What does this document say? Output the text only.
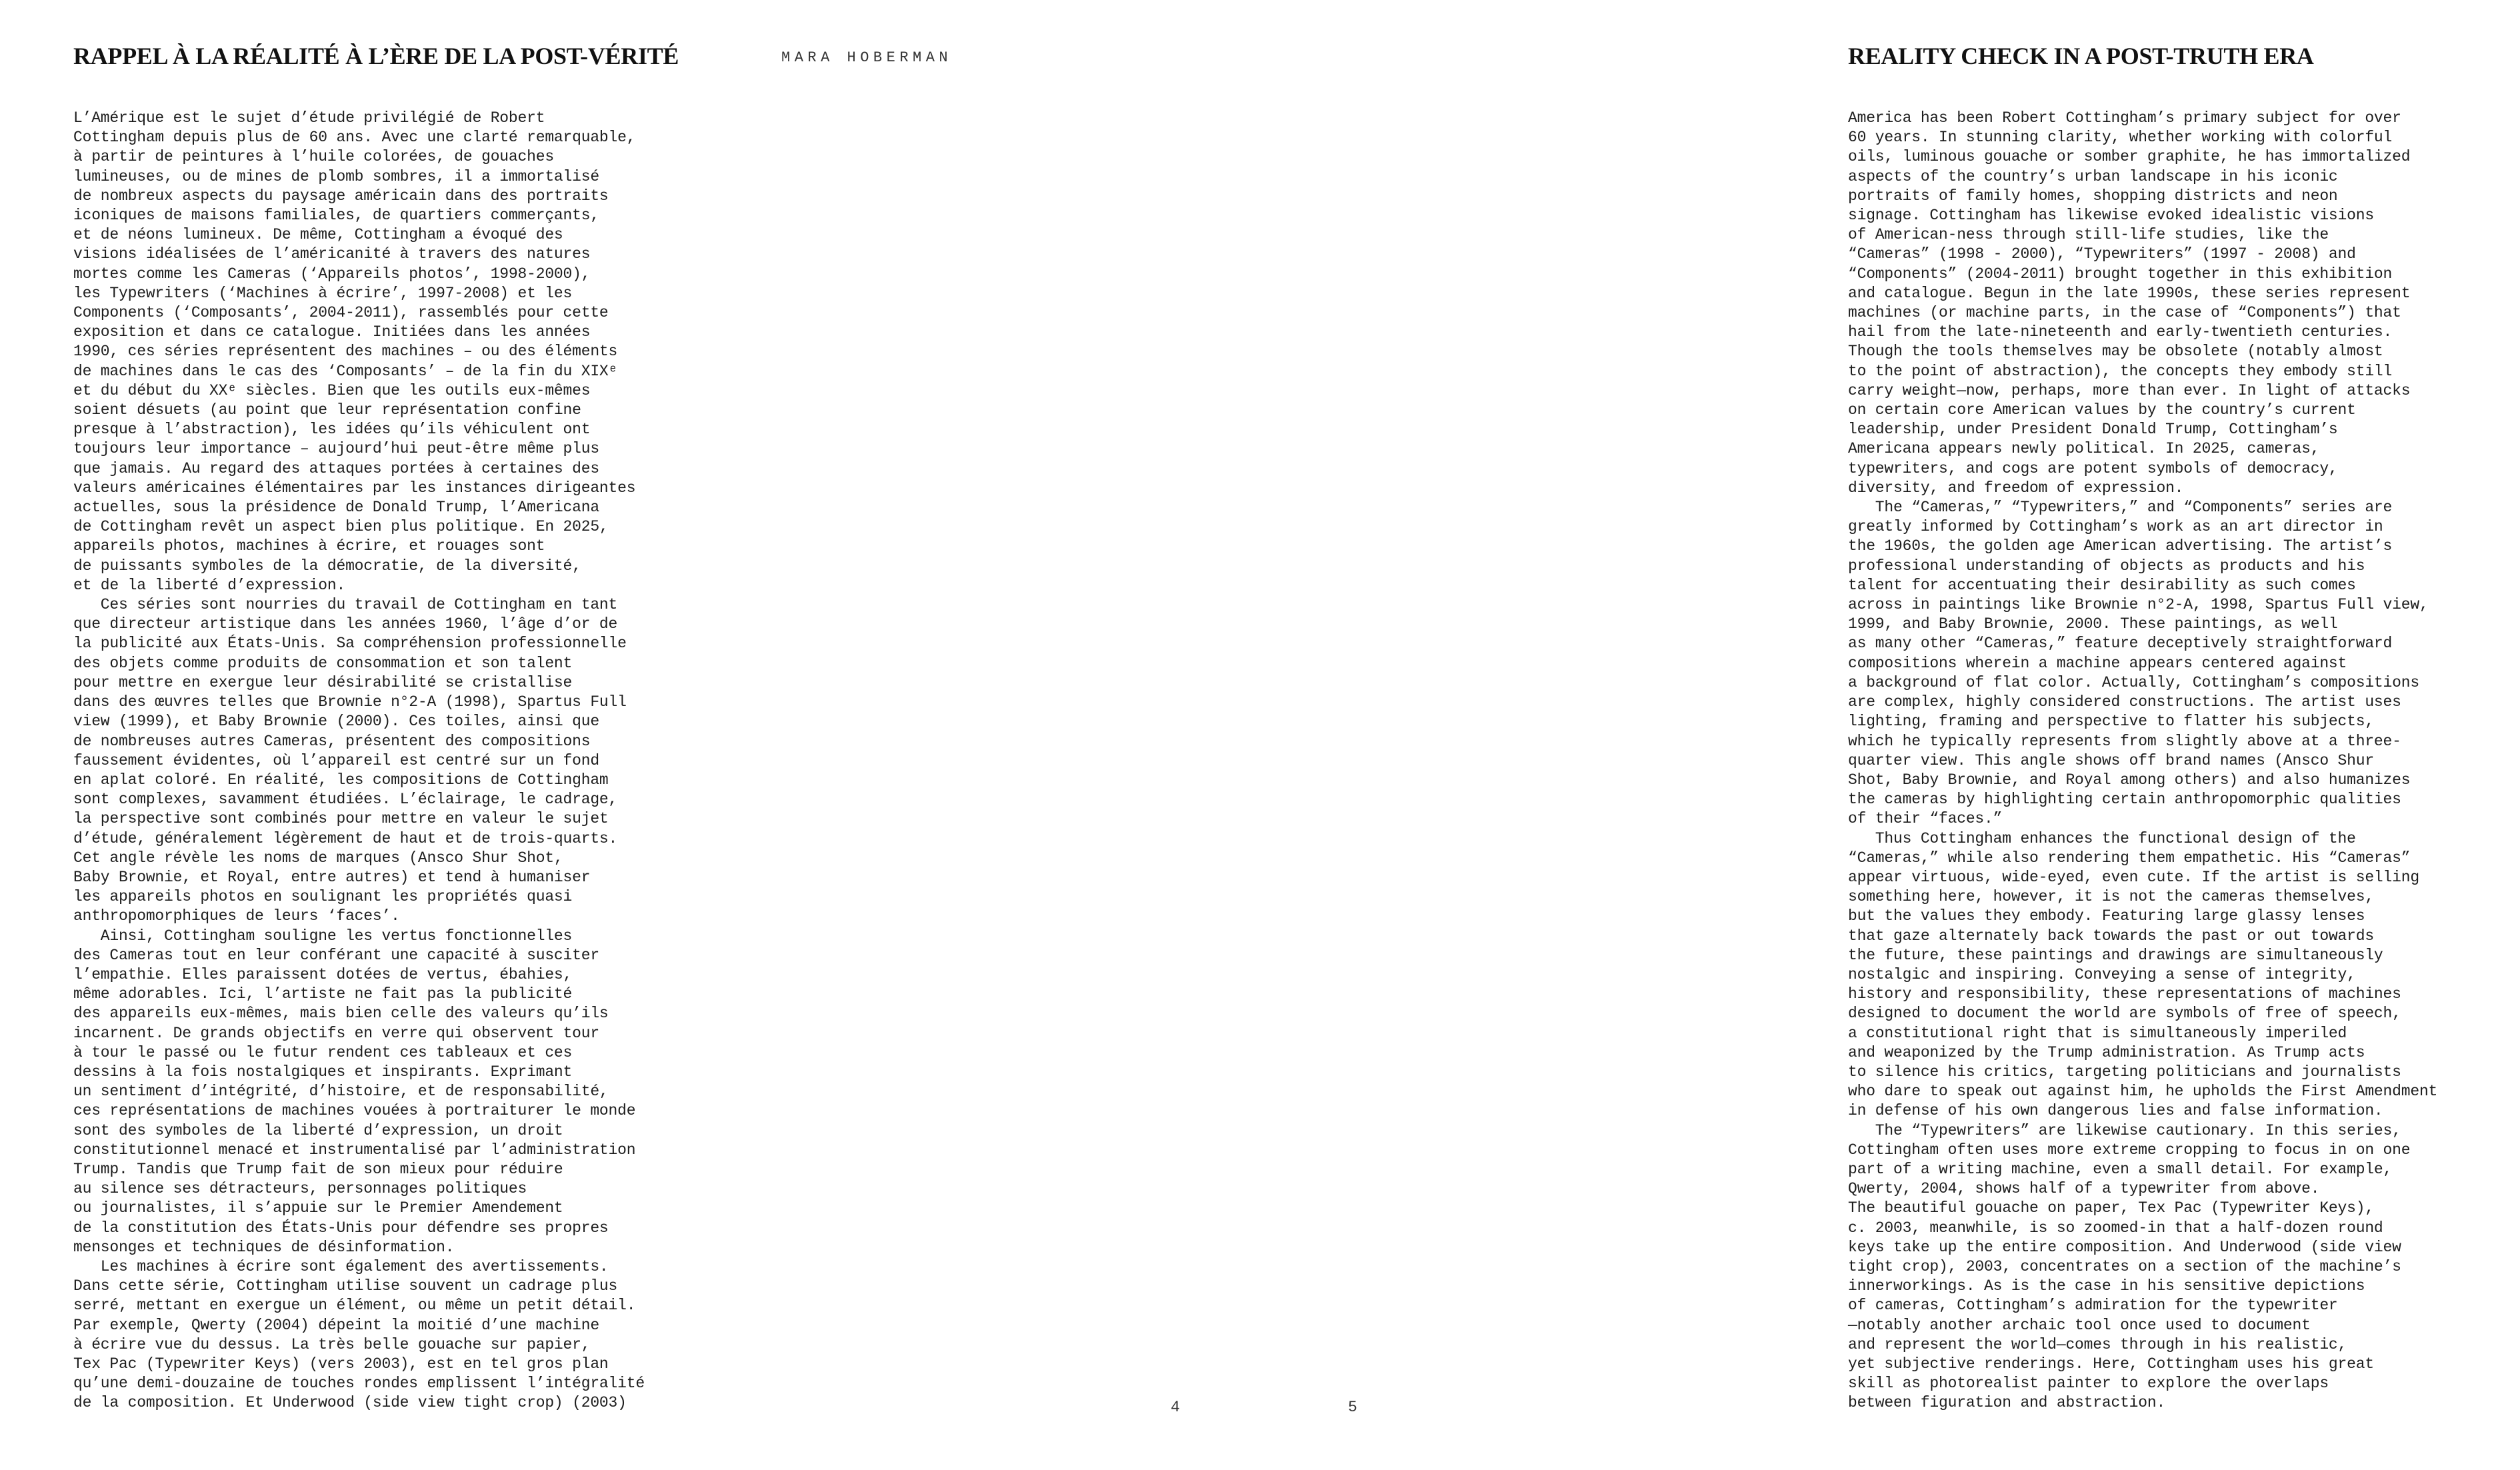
RAPPEL À LA RÉALITÉ À L’ÈRE DE LA POST-VÉRITÉ	MARA HOBERMAN
L’Amérique est le sujet d’étude privilégié de Robert
Cottingham depuis plus de 60 ans. Avec une clarté remarquable,
à partir de peintures à l’huile colorées, de gouaches
lumineuses, ou de mines de plomb sombres, il a immortalisé
de nombreux aspects du paysage américain dans des portraits
iconiques de maisons familiales, de quartiers commerçants,
et de néons lumineux. De même, Cottingham a évoqué des
visions idéalisées de l’américanité à travers des natures
mortes comme les Cameras (‘Appareils photos’, 1998-2000),
les Typewriters (‘Machines à écrire’, 1997-2008) et les
Components (‘Composants’, 2004-2011), rassemblés pour cette
exposition et dans ce catalogue. Initiées dans les années
1990, ces séries représentent des machines – ou des éléments
de machines dans le cas des ‘Composants’ – de la fin du XIXᵉ
et du début du XXᵉ siècles. Bien que les outils eux-mêmes
soient désuets (au point que leur représentation confine
presque à l’abstraction), les idées qu’ils véhiculent ont
toujours leur importance – aujourd’hui peut-être même plus
que jamais. Au regard des attaques portées à certaines des
valeurs américaines élémentaires par les instances dirigeantes
actuelles, sous la présidence de Donald Trump, l’Americana
de Cottingham revêt un aspect bien plus politique. En 2025,
appareils photos, machines à écrire, et rouages sont
de puissants symboles de la démocratie, de la diversité,
et de la liberté d’expression.
Ces séries sont nourries du travail de Cottingham en tant
que directeur artistique dans les années 1960, l’âge d’or de
la publicité aux États-Unis. Sa compréhension professionnelle
des objets comme produits de consommation et son talent
pour mettre en exergue leur désirabilité se cristallise
dans des œuvres telles que Brownie n°2-A (1998), Spartus Full
view (1999), et Baby Brownie (2000). Ces toiles, ainsi que
de nombreuses autres Cameras, présentent des compositions
faussement évidentes, où l’appareil est centré sur un fond
en aplat coloré. En réalité, les compositions de Cottingham
sont complexes, savamment étudiées. L’éclairage, le cadrage,
la perspective sont combinés pour mettre en valeur le sujet
d’étude, généralement légèrement de haut et de trois-quarts.
Cet angle révèle les noms de marques (Ansco Shur Shot,
Baby Brownie, et Royal, entre autres) et tend à humaniser
les appareils photos en soulignant les propriétés quasi
anthropomorphiques de leurs ‘faces’.
Ainsi, Cottingham souligne les vertus fonctionnelles
des Cameras tout en leur conférant une capacité à susciter
l’empathie. Elles paraissent dotées de vertus, ébahies,
même adorables. Ici, l’artiste ne fait pas la publicité
des appareils eux-mêmes, mais bien celle des valeurs qu’ils
incarnent. De grands objectifs en verre qui observent tour
à tour le passé ou le futur rendent ces tableaux et ces
dessins à la fois nostalgiques et inspirants. Exprimant
un sentiment d’intégrité, d’histoire, et de responsabilité,
ces représentations de machines vouées à portraiturer le monde
sont des symboles de la liberté d’expression, un droit
constitutionnel menacé et instrumentalisé par l’administration
Trump. Tandis que Trump fait de son mieux pour réduire
au silence ses détracteurs, personnages politiques
ou journalistes, il s’appuie sur le Premier Amendement
de la constitution des États-Unis pour défendre ses propres
mensonges et techniques de désinformation.
Les machines à écrire sont également des avertissements.
Dans cette série, Cottingham utilise souvent un cadrage plus
serré, mettant en exergue un élément, ou même un petit détail.
Par exemple, Qwerty (2004) dépeint la moitié d’une machine
à écrire vue du dessus. La très belle gouache sur papier,
Tex Pac (Typewriter Keys) (vers 2003), est en tel gros plan
qu’une demi-douzaine de touches rondes emplissent l’intégralité
de la composition. Et Underwood (side view tight crop) (2003)	4
REALITY CHECK IN A POST-TRUTH ERA
America has been Robert Cottingham’s primary subject for over
60 years. In stunning clarity, whether working with colorful
oils, luminous gouache or somber graphite, he has immortalized
aspects of the country’s urban landscape in his iconic
portraits of family homes, shopping districts and neon
signage. Cottingham has likewise evoked idealistic visions
of American-ness through still-life studies, like the
“Cameras” (1998 - 2000), “Typewriters” (1997 - 2008) and
“Components” (2004-2011) brought together in this exhibition
and catalogue. Begun in the late 1990s, these series represent
machines (or machine parts, in the case of “Components”) that
hail from the late-nineteenth and early-twentieth centuries.
Though the tools themselves may be obsolete (notably almost
to the point of abstraction), the concepts they embody still
carry weight—now, perhaps, more than ever. In light of attacks
on certain core American values by the country’s current
leadership, under President Donald Trump, Cottingham’s
Americana appears newly political. In 2025, cameras,
typewriters, and cogs are potent symbols of democracy,
diversity, and freedom of expression.
The “Cameras,” “Typewriters,” and “Components” series are
greatly informed by Cottingham’s work as an art director in
the 1960s, the golden age American advertising. The artist’s
professional understanding of objects as products and his
talent for accentuating their desirability as such comes
across in paintings like Brownie n°2-A, 1998, Spartus Full view,
1999, and Baby Brownie, 2000. These paintings, as well
as many other “Cameras,” feature deceptively straightforward
compositions wherein a machine appears centered against
a background of flat color. Actually, Cottingham’s compositions
are complex, highly considered constructions. The artist uses
lighting, framing and perspective to flatter his subjects,
which he typically represents from slightly above at a three-
quarter view. This angle shows off brand names (Ansco Shur
Shot, Baby Brownie, and Royal among others) and also humanizes
the cameras by highlighting certain anthropomorphic qualities
of their “faces.”
Thus Cottingham enhances the functional design of the
“Cameras,” while also rendering them empathetic. His “Cameras”
appear virtuous, wide-eyed, even cute. If the artist is selling
something here, however, it is not the cameras themselves,
but the values they embody. Featuring large glassy lenses
that gaze alternately back towards the past or out towards
the future, these paintings and drawings are simultaneously
nostalgic and inspiring. Conveying a sense of integrity,
history and responsibility, these representations of machines
designed to document the world are symbols of free of speech,
a constitutional right that is simultaneously imperiled
and weaponized by the Trump administration. As Trump acts
to silence his critics, targeting politicians and journalists
who dare to speak out against him, he upholds the First Amendment
in defense of his own dangerous lies and false information.
The “Typewriters” are likewise cautionary. In this series,
Cottingham often uses more extreme cropping to focus in on one
part of a writing machine, even a small detail. For example,
Qwerty, 2004, shows half of a typewriter from above.
The beautiful gouache on paper, Tex Pac (Typewriter Keys),
c. 2003, meanwhile, is so zoomed-in that a half-dozen round
keys take up the entire composition. And Underwood (side view
tight crop), 2003, concentrates on a section of the machine’s
innerworkings. As is the case in his sensitive depictions
of cameras, Cottingham’s admiration for the typewriter
—notably another archaic tool once used to document
and represent the world—comes through in his realistic,
yet subjective renderings. Here, Cottingham uses his great
skill as photorealist painter to explore the overlaps
between figuration and abstraction.
5
